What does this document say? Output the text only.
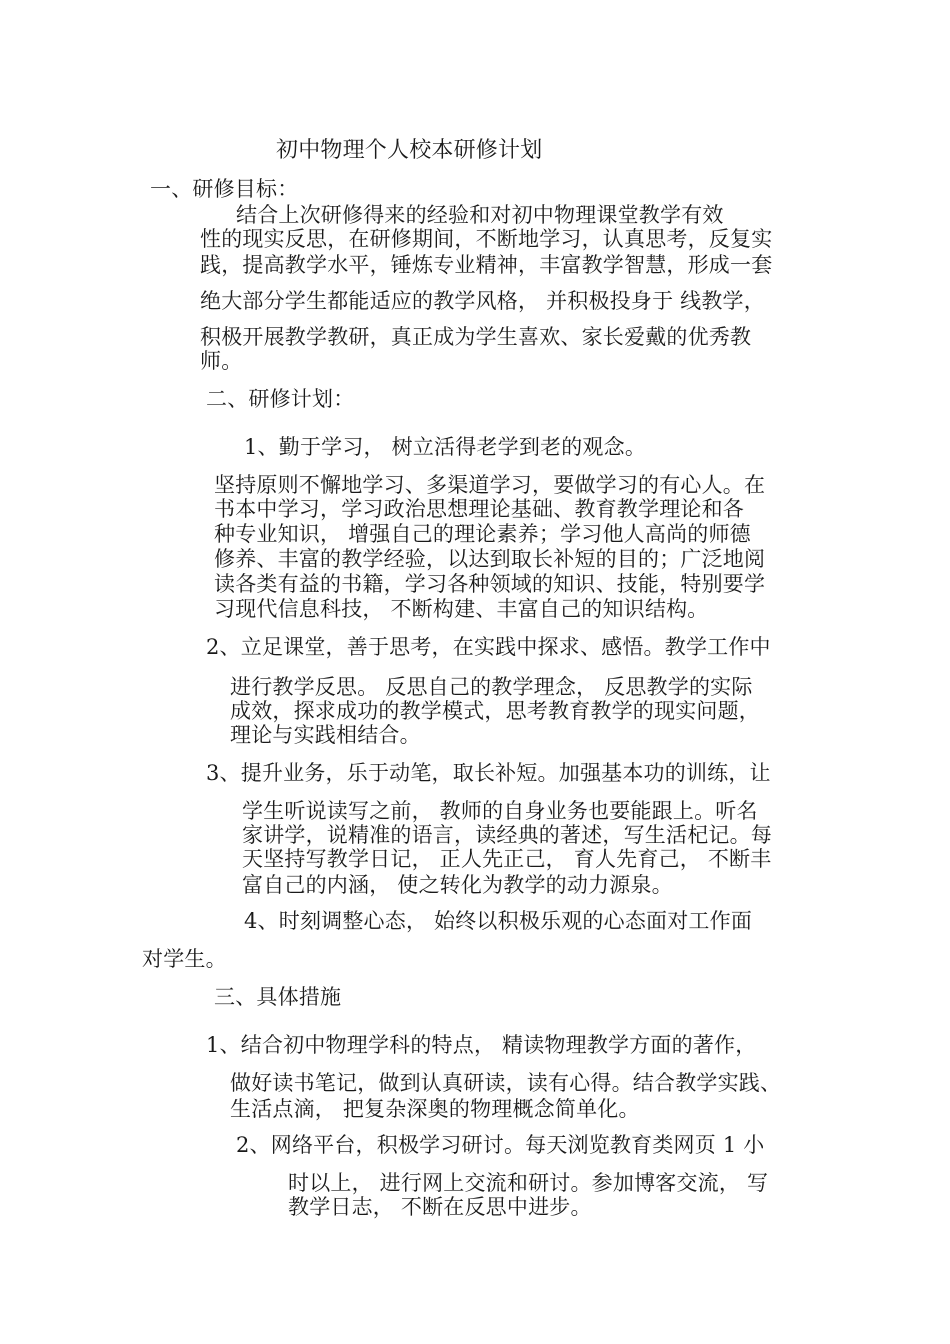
初中物理个人校本研修计划
一、研修目标：
结合上次研修得来的经验和对初中物理课堂教学有效
性的现实反思，在研修期间，不断地学习，认真思考，反复实
践，提高教学水平，锤炼专业精神，丰富教学智慧，形成一套
绝大部分学生都能适应的教学风格， 并积极投身于 线教学，
积极开展教学教研，真正成为学生喜欢、家长爱戴的优秀教
师。
二、研修计划：
1、勤于学习， 树立活得老学到老的观念。
坚持原则不懈地学习、多渠道学习，要做学习的有心人。在
书本中学习，学习政治思想理论基础、教育教学理论和各
种专业知识， 增强自己的理论素养；学习他人高尚的师德
修养、丰富的教学经验，以达到取长补短的目的；广泛地阅
读各类有益的书籍，学习各种领域的知识、技能，特别要学
习现代信息科技， 不断构建、丰富自己的知识结构。
2、立足课堂，善于思考，在实践中探求、感悟。教学工作中
进行教学反思。 反思自己的教学理念， 反思教学的实际
成效，探求成功的教学模式，思考教育教学的现实问题，
理论与实践相结合。
3、提升业务，乐于动笔，取长补短。加强基本功的训练，让
学生听说读写之前， 教师的自身业务也要能跟上。听名
家讲学，说精准的语言，读经典的著述，写生活杞记。每
天坚持写教学日记， 正人先正己， 育人先育己， 不断丰
富自己的内涵， 使之转化为教学的动力源泉。
4、时刻调整心态， 始终以积极乐观的心态面对工作面
对学生。
三、具体措施
1、结合初中物理学科的特点， 精读物理教学方面的著作，
做好读书笔记，做到认真研读，读有心得。结合教学实践、
生活点滴， 把复杂深奥的物理概念简单化。
2、网络平台，积极学习研讨。每天浏览教育类网页 1 小
时以上， 进行网上交流和研讨。参加博客交流， 写
教学日志， 不断在反思中进步。
